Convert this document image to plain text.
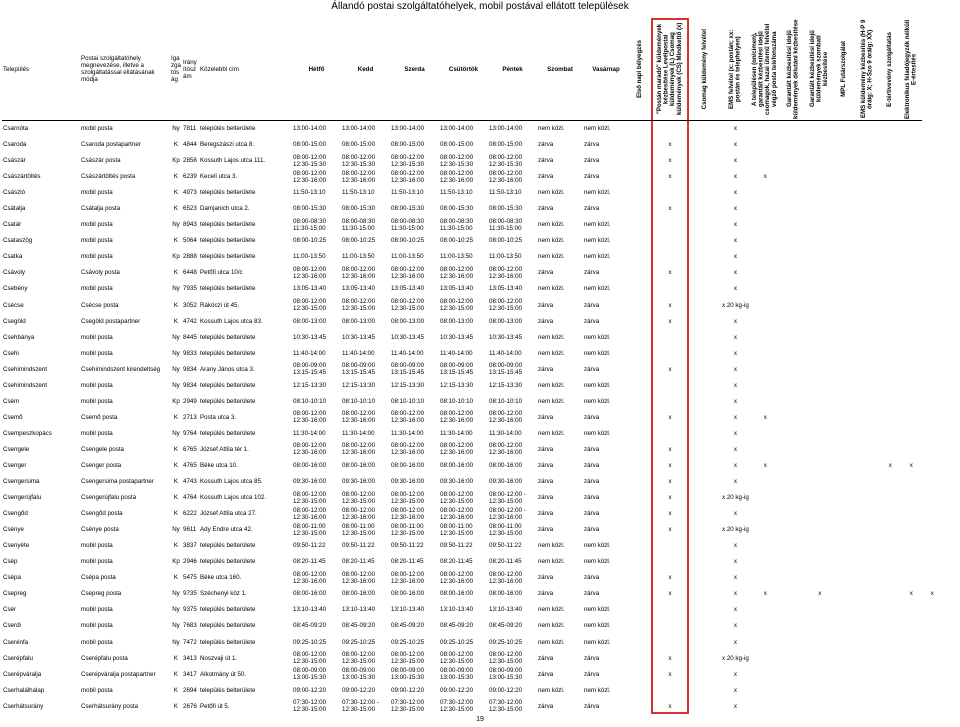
Állandó postai szolgáltatóhelyek, mobil postával ellátott települések
Település	Postai szolgáltatóhely megnevezése, illetve a szolgáltatással ellátásának módja	Igazgatóság	Irányítószám	Közelebbi cím	Hétfő	Kedd	Szerda	Csütörtök	Péntek	Szombat	Vasárnap	Első napi bélyegzés	"Postán maradó" küldemények kézbesítése Levélpostai küldemények (L) Csomag küldemények (CS) Mindkettő (x)	Csomag küldemény felvétel	EMS felvétel (x: postán; xx: postán és telephelyen)	A településen (on/címen), garantált kézbesítési idejű csomagok, hazai ütemű felvétel végző posta telefonszáma	Garantált kézbesítési idejű küldemények délutáni kézbesítése	Garantált kézbesítési idejű küldemények szombati kézbesítése	MPL Futárszolgálat	EMS küldemény kézbesítés (H-P 9 óráig: X; H-Szo 9 óráig: XX)	E-tértivevény szolgáltatás	Elektronikus feladójegyzék nélküli E-értesítés	

Csarnóta	mobil posta	Ny	7811	település belterülete	13:00-14:00	13:00-14:00	13:00-14:00	13:00-14:00	13:00-14:00	nem közl.	nem közl.				x								
Csaroda	Csaroda postapartner	K	4844	Beregszászi utca 8.	08:00-15:00	08:00-15:00	08:00-15:00	08:00-15:00	08:00-15:00	zárva	zárva		x		x								
Császár	Császár posta	Kp	2858	Kossuth Lajos utca 111.	08:00-12:00 12:30-15:30	08:00-12:00 12:30-15:30	08:00-12:00 12:30-15:30	08:00-12:00 12:30-15:30	08:00-12:00 12:30-15:30	zárva	zárva		x		x								
Császártöltés	Császártöltés posta	K	6239	Keceli utca 3.	08:00-12:00 12:30-16:00	08:00-12:00 12:30-16:00	08:00-12:00 12:30-16:00	08:00-12:00 12:30-16:00	08:00-12:00 12:30-16:00	zárva	zárva		x		x	x							
Császló	mobil posta	K	4973	település belterülete	11:50-13:10	11:50-13:10	11:50-13:10	11:50-13:10	11:50-13:10	nem közl.	nem közl.				x								
Csátalja	Csátalja posta	K	6523	Damjanich utca 2.	08:00-15:30	08:00-15:30	08:00-15:30	08:00-15:30	08:00-15:30	zárva	zárva		x		x								
Csatár	mobil posta	Ny	8943	település belterülete	08:00-08:30 11:30-15:00	08:00-08:30 11:30-15:00	08:00-08:30 11:30-15:00	08:00-08:30 11:30-15:00	08:00-08:30 11:30-15:00	nem közl.	nem közl.				x								
Csataszög	mobil posta	K	5064	település belterülete	08:00-10:25	08:00-10:25	08:00-10:25	08:00-10:25	08:00-10:25	nem közl.	nem közl.				x								
Csatka	mobil posta	Kp	2888	település belterülete	11:00-13:50	11:00-13:50	11:00-13:50	11:00-13:50	11:00-13:50	nem közl.	nem közl.				x								
Csávoly	Csávoly posta	K	6448	Petőfi utca 10/c	08:00-12:00 12:30-16:00	08:00-12:00 12:30-16:00	08:00-12:00 12:30-16:00	08:00-12:00 12:30-16:00	08:00-12:00 12:30-16:00	zárva	zárva		x		x								
Csebény	mobil posta	Ny	7935	település belterülete	13:05-13:40	13:05-13:40	13:05-13:40	13:05-13:40	13:05-13:40	nem közl.	nem közl.				x								
Csécse	Csécse posta	K	3052	Rákóczi út 45.	08:00-12:00 12:30-15:00	08:00-12:00 12:30-15:00	08:00-12:00 12:30-15:00	08:00-12:00 12:30-15:00	08:00-12:00 12:30-15:00	zárva	zárva		x		x 20 kg-ig								
Csegöld	Csegöld postapartner	K	4742	Kossuth Lajos utca 83.	08:00-13:00	08:00-13:00	08:00-13:00	08:00-13:00	08:00-13:00	zárva	zárva		x		x								
Csehbánya	mobil posta	Ny	8445	település belterülete	10:30-13:45	10:30-13:45	10:30-13:45	10:30-13:45	10:30-13:45	nem közl.	nem közl.				x								
Csehi	mobil posta	Ny	9833	település belterülete	11:40-14:00	11:40-14:00	11:40-14:00	11:40-14:00	11:40-14:00	nem közl.	nem közl.				x								
Csehimindszent	Csehimindszent kirendeltség	Ny	9834	Arany János utca 3.	08:00-09:00 13:15-15:45	08:00-09:00 13:15-15:45	08:00-09:00 13:15-15:45	08:00-09:00 13:15-15:45	08:00-09:00 13:15-15:45	zárva	zárva		x		x								
Csehimindszent	mobil posta	Ny	9834	település belterülete	12:15-13:30	12:15-13:30	12:15-13:30	12:15-13:30	12:15-13:30	nem közl.	nem közl.				x								
Csém	mobil posta	Kp	2949	település belterülete	08:10-10:10	08:10-10:10	08:10-10:10	08:10-10:10	08:10-10:10	nem közl.	nem közl.				x								
Csemő	Csemő posta	K	2713	Posta utca 3.	08:00-12:00 12:30-16:00	08:00-12:00 12:30-16:00	08:00-12:00 12:30-16:00	08:00-12:00 12:30-16:00	08:00-12:00 12:30-16:00	zárva	zárva		x		x	x							
Csempeszkopács	mobil posta	Ny	9764	település belterülete	11:30-14:00	11:30-14:00	11:30-14:00	11:30-14:00	11:30-14:00	nem közl.	nem közl.				x								
Csengele	Csengele posta	K	6765	József Attila tér 1.	08:00-12:00 12:30-16:00	08:00-12:00 12:30-16:00	08:00-12:00 12:30-16:00	08:00-12:00 12:30-16:00	08:00-12:00 12:30-16:00	zárva	zárva		x		x								
Csenger	Csenger posta	K	4765	Béke utca 10.	08:00-16:00	08:00-16:00	08:00-16:00	08:00-16:00	08:00-16:00	zárva	zárva		x		x	x					x	x	
Csengersima	Csengersima postapartner	K	4743	Kossuth Lajos utca 85.	09:30-16:00	09:30-16:00	09:30-16:00	09:30-16:00	09:30-16:00	zárva	zárva		x		x								
Csengerújfalu	Csengerújfalu posta	K	4764	Kossuth Lajos utca 102.	08:00-12:00 12:30-15:00	08:00-12:00 12:30-15:00	08:00-12:00 12:30-15:00	08:00-12:00 12:30-15:00	08:00-12:00 - 12:30-15:00	zárva	zárva		x		x 20 kg-ig								
Csengőd	Csengőd posta	K	6222	József Attila utca 27.	08:00-12:00 12:30-16:00	08:00-12:00 12:30-16:00	08:00-12:00 12:30-16:00	08:00-12:00 12:30-16:00	08:00-12:00 - 12:30-16:00	zárva	zárva		x		x								
Csénye	Csénye posta	Ny	9611	Ady Endre utca 42.	08:00-11:00 12:30-15:00	08:00-11:00 12:30-15:00	08:00-11:00 12:30-15:00	08:00-11:00 12:30-15:00	08:00-11:00 12:30-15:00	zárva	zárva		x		x 20 kg-ig								
Csenyéte	mobil posta	K	3837	település belterülete	09:50-11:22	09:50-11:22	09:50-11:22	09:50-11:22	09:50-11:22	nem közl.	nem közl.				x								
Csép	mobil posta	Kp	2946	település belterülete	08:20-11:45	08:20-11:45	08:20-11:45	08:20-11:45	08:20-11:45	nem közl.	nem közl.				x								
Csépa	Csépa posta	K	5475	Béke utca 160.	08:00-12:00 12:30-16:00	08:00-12:00 12:30-16:00	08:00-12:00 12:30-16:00	08:00-12:00 12:30-16:00	08:00-12:00 12:30-16:00	zárva	zárva		x		x								
Csepreg	Csepreg posta	Ny	9735	Széchenyi köz 1.	08:00-16:00	08:00-16:00	08:00-16:00	08:00-16:00	08:00-16:00	zárva	zárva		x		x	x		x				x	x
Csér	mobil posta	Ny	9375	település belterülete	13:10-13:40	13:10-13:40	13:10-13:40	13:10-13:40	13:10-13:40	nem közl.	nem közl.				x								
Cserdi	mobil posta	Ny	7683	település belterülete	08:45-09:20	08:45-09:20	08:45-09:20	08:45-09:20	08:45-09:20	nem közl.	nem közl.				x								
Cserénfa	mobil posta	Ny	7472	település belterülete	09:25-10:25	09:25-10:25	09:25-10:25	09:25-10:25	09:25-10:25	nem közl.	nem közl.				x								
Cserépfalu	Cserépfalu posta	K	3413	Noszvaji út 1.	08:00-12:00 12:30-15:00	08:00-12:00 12:30-15:00	08:00-12:00 12:30-15:00	08:00-12:00 12:30-15:00	08:00-12:00 12:30-15:00	zárva	zárva		x		x 20 kg-ig								
Cserépváralja	Cserépváralja postapartner	K	3417	Alkotmány út 50.	08:00-09:00 13:00-15:30	08:00-09:00 13:00-15:30	08:00-09:00 13:00-15:30	08:00-09:00 13:00-15:30	08:00-09:00 13:00-15:30	zárva	zárva		x		x								
Cserhalálhalap	mobil posta	K	2694	település belterülete	09:00-12:20	09:00-12:20	09:00-12:20	09:00-12:20	09:00-12:20	nem közl.	nem közl.				x								
Cserhátsurány	Cserhátsurány posta	K	2676	Petőfi út 5.	07:30-12:00 12:30-15:00	07:30-12:00 - 12:30-15:00	07:30-12:00 12:30-15:00	07:30-12:00 12:30-15:00	07:30-12:00 12:30-15:00	zárva	zárva		x		x								
19
